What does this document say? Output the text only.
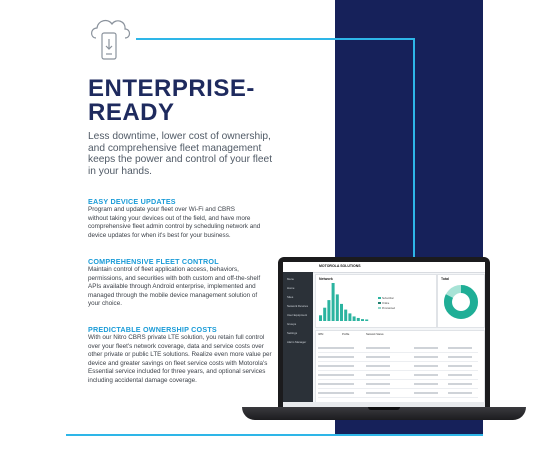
ENTERPRISE-
READY

Less downtime, lower cost of ownership,
and comprehensive fleet management
keeps the power and control of your fleet
in your hands.

EASY DEVICE UPDATES

Program and update your fleet over Wi-Fi and CBRS
without taking your devices out of the field, and have more
comprehensive fleet admin control by scheduling network and
device updates for when it's best for your business.

COMPREHENSIVE FLEET CONTROL

Maintain control of fleet application access, behaviors,
permissions, and securities with both custom and off-the-shelf
APIs available through Android enterprise, implemented and
managed through the mobile device management solution of
your choice.

PREDICTABLE OWNERSHIP COSTS

With our Nitro CBRS private LTE solution, you retain full control
over your fleet's network coverage, data and service costs over
other private or public LTE solutions. Realize even more value per
device and greater savings on fleet service costs with Motorola's
Essential service included for three years, and optional services
including accidental damage coverage.

MOTOROLA SOLUTIONS
Menu
Home
Sites
Network Devices
User Equipment
Groups
Settings
Alarm Manager
Network
Subscriber
Online
Provisioned
Total
IMSI	Profile	Network Status
